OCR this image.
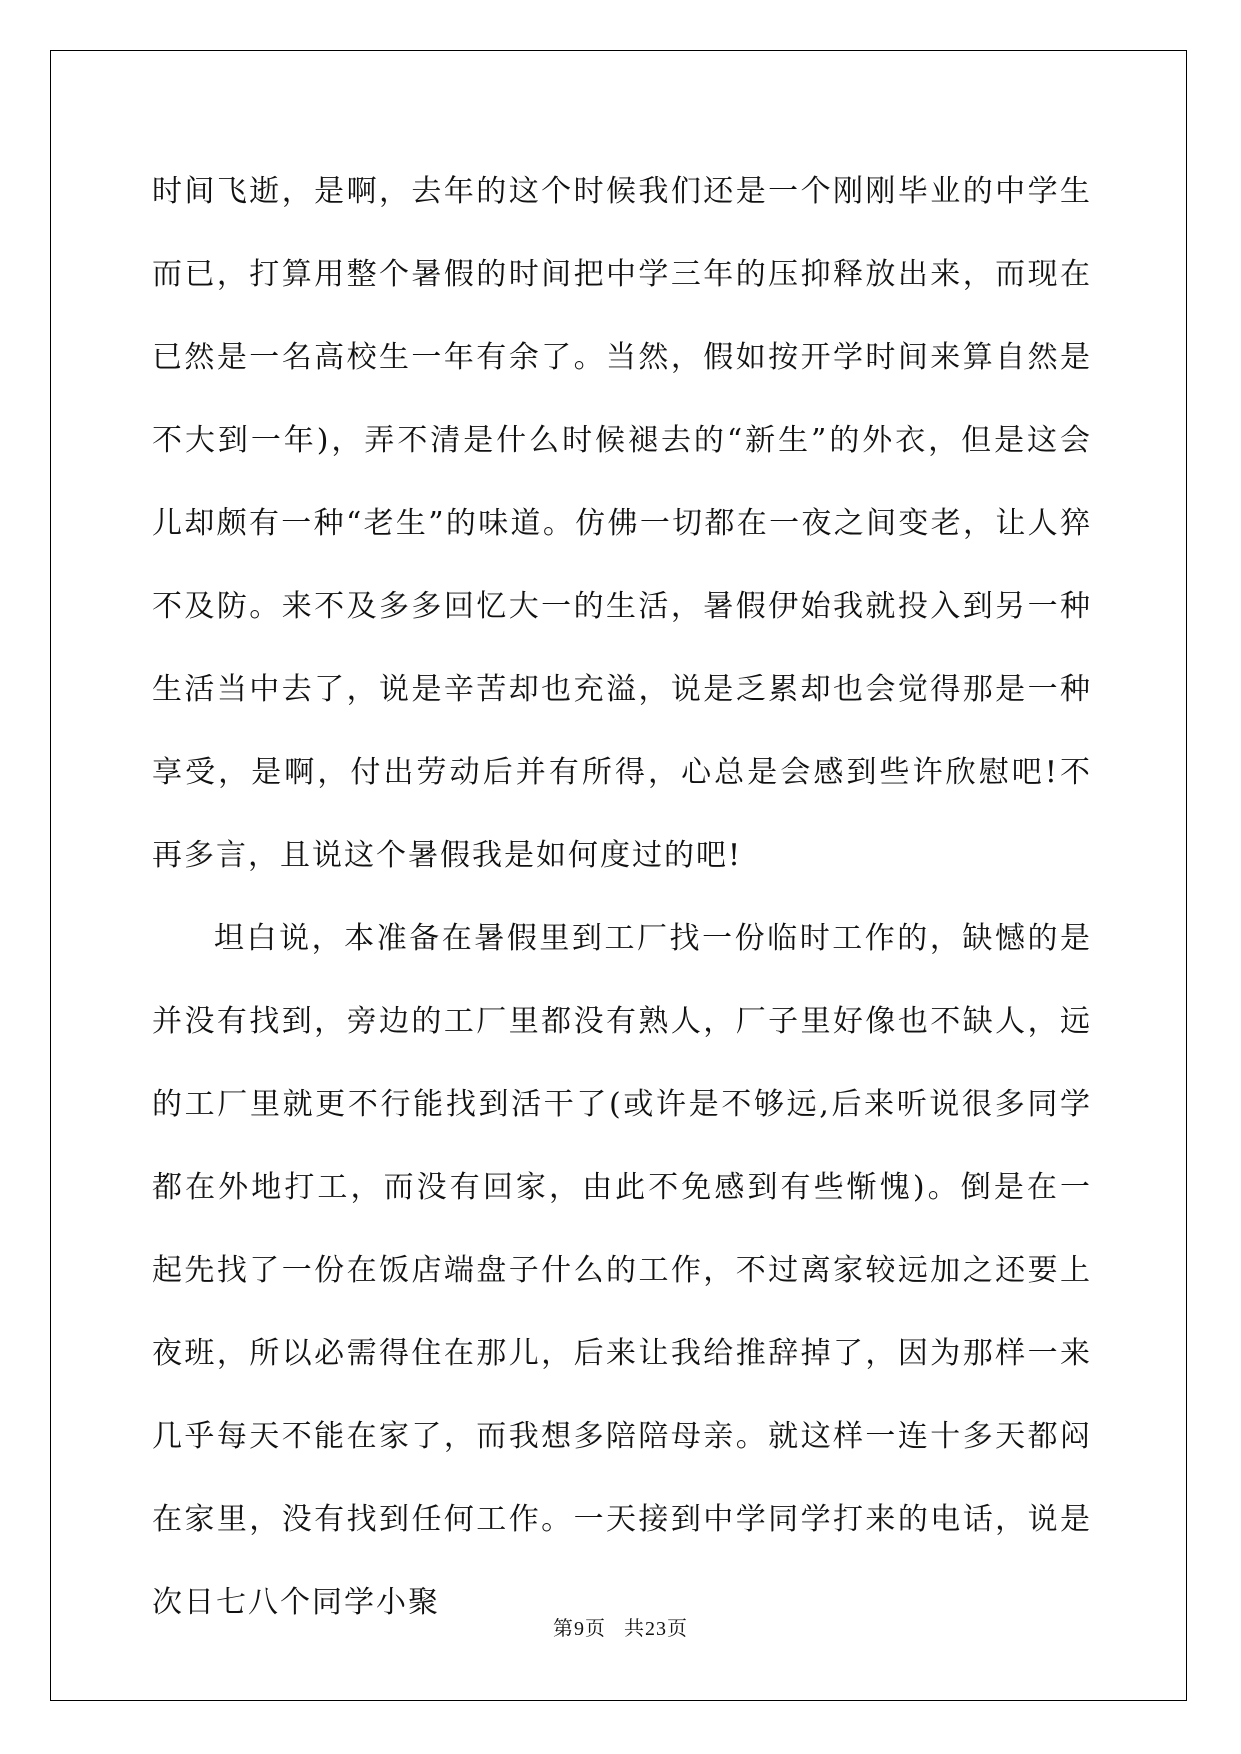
时间飞逝，是啊，去年的这个时候我们还是一个刚刚毕业的中学生而已，打算用整个暑假的时间把中学三年的压抑释放出来，而现在已然是一名高校生一年有余了。当然，假如按开学时间来算自然是不大到一年)，弄不清是什么时候褪去的“新生”的外衣，但是这会儿却颇有一种“老生”的味道。仿佛一切都在一夜之间变老，让人猝不及防。来不及多多回忆大一的生活，暑假伊始我就投入到另一种生活当中去了，说是辛苦却也充溢，说是乏累却也会觉得那是一种享受，是啊，付出劳动后并有所得，心总是会感到些许欣慰吧!不再多言，且说这个暑假我是如何度过的吧!

坦白说，本准备在暑假里到工厂找一份临时工作的，缺憾的是并没有找到，旁边的工厂里都没有熟人，厂子里好像也不缺人，远的工厂里就更不行能找到活干了(或许是不够远,后来听说很多同学都在外地打工，而没有回家，由此不免感到有些惭愧)。倒是在一起先找了一份在饭店端盘子什么的工作，不过离家较远加之还要上夜班，所以必需得住在那儿，后来让我给推辞掉了，因为那样一来几乎每天不能在家了，而我想多陪陪母亲。就这样一连十多天都闷在家里，没有找到任何工作。一天接到中学同学打来的电话，说是次日七八个同学小聚

第9页 共23页
